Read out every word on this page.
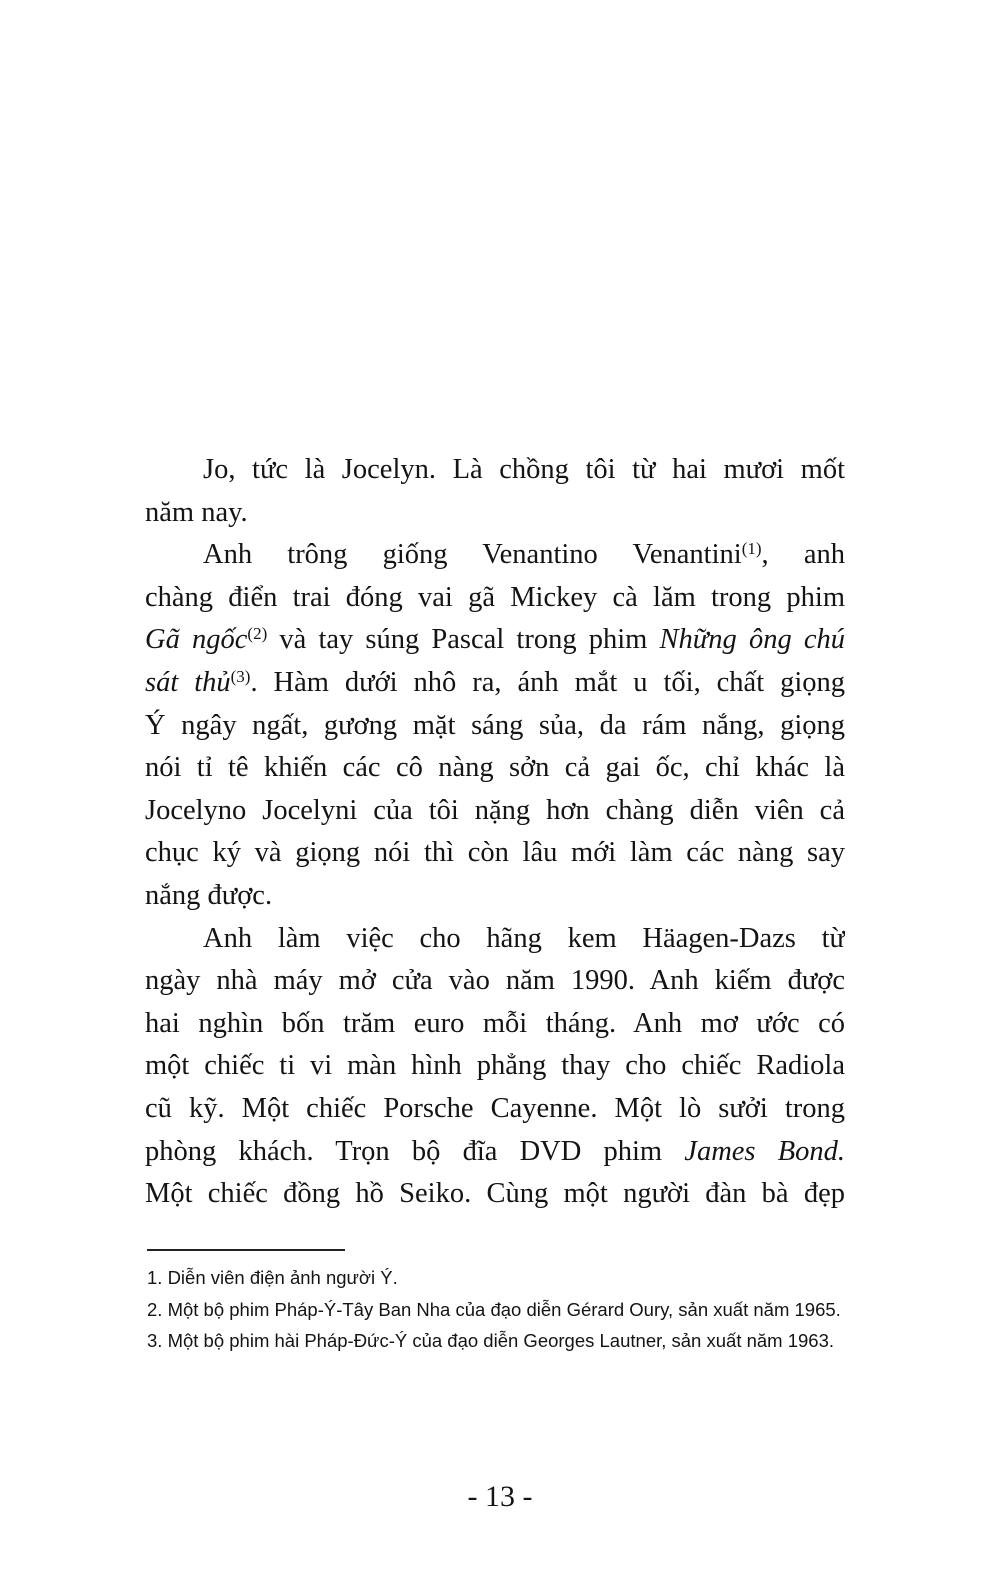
Jo, tức là Jocelyn. Là chồng tôi từ hai mươi mốt
năm nay.
Anh trông giống Venantino Venantini$^{(1)}$, anh
chàng điển trai đóng vai gã Mickey cà lăm trong phim
Gã ngốc$^{(2)}$ và tay súng Pascal trong phim Những ông chú
sát thủ$^{(3)}$. Hàm dưới nhô ra, ánh mắt u tối, chất giọng
Ý ngây ngất, gương mặt sáng sủa, da rám nắng, giọng
nói tỉ tê khiến các cô nàng sởn cả gai ốc, chỉ khác là
Jocelyno Jocelyni của tôi nặng hơn chàng diễn viên cả
chục ký và giọng nói thì còn lâu mới làm các nàng say
nắng được.
Anh làm việc cho hãng kem Häagen-Dazs từ
ngày nhà máy mở cửa vào năm 1990. Anh kiếm được
hai nghìn bốn trăm euro mỗi tháng. Anh mơ ước có
một chiếc ti vi màn hình phẳng thay cho chiếc Radiola
cũ kỹ. Một chiếc Porsche Cayenne. Một lò sưởi trong
phòng khách. Trọn bộ đĩa DVD phim James Bond.
Một chiếc đồng hồ Seiko. Cùng một người đàn bà đẹp
1. Diễn viên điện ảnh người Ý.
2. Một bộ phim Pháp-Ý-Tây Ban Nha của đạo diễn Gérard Oury, sản xuất năm 1965.
3. Một bộ phim hài Pháp-Đức-Ý của đạo diễn Georges Lautner, sản xuất năm 1963.
- 13 -
